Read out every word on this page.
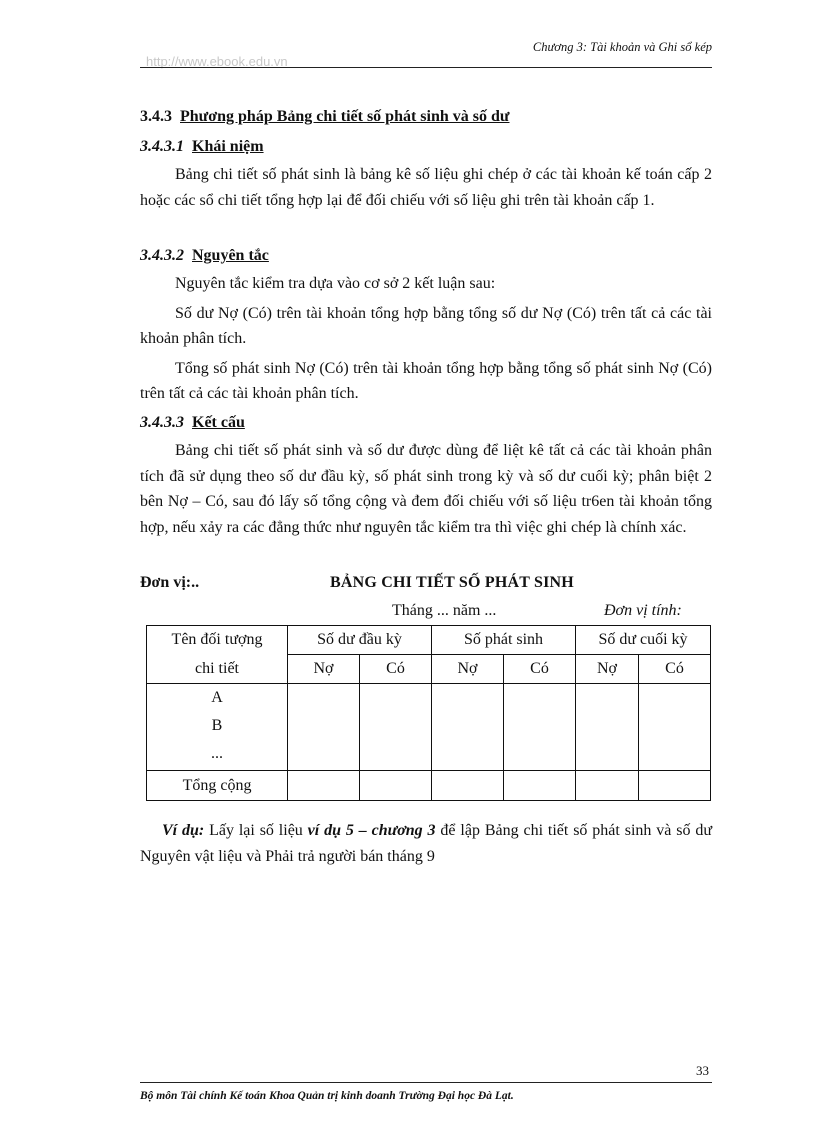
http://www.ebook.edu.vn
Chương 3: Tài khoản và Ghi sổ kép
3.4.3 Phương pháp Bảng chi tiết số phát sinh và số dư
3.4.3.1 Khái niệm

Bảng chi tiết số phát sinh là bảng kê số liệu ghi chép ở các tài khoản kế toán cấp 2 hoặc các sổ chi tiết tổng hợp lại để đối chiếu với số liệu ghi trên tài khoản cấp 1.

3.4.3.2 Nguyên tắc

Nguyên tắc kiểm tra dựa vào cơ sở 2 kết luận sau:

Số dư Nợ (Có) trên tài khoản tổng hợp bằng tổng số dư Nợ (Có) trên tất cả các tài khoản phân tích.

Tổng số phát sinh Nợ (Có) trên tài khoản tổng hợp bằng tổng số phát sinh Nợ (Có) trên tất cả các tài khoản phân tích.

3.4.3.3 Kết cấu

Bảng chi tiết số phát sinh và số dư được dùng để liệt kê tất cả các tài khoản phân tích đã sử dụng theo số dư đầu kỳ, số phát sinh trong kỳ và số dư cuối kỳ; phân biệt 2 bên Nợ – Có, sau đó lấy số tổng cộng và đem đối chiếu với số liệu tr6en tài khoản tổng hợp, nếu xảy ra các đẳng thức như nguyên tắc kiểm tra thì việc ghi chép là chính xác.

Đơn vị:..	BẢNG CHI TIẾT SỐ PHÁT SINH
Tháng ... năm ...	Đơn vị tính:
Tên đối tượng	Số dư đầu kỳ		Số phát sinh		Số dư cuối kỳ	
chi tiết	Nợ	Có	Nợ	Có	Nợ	Có

A
B
...						

Tổng cộng						

Ví dụ: Lấy lại số liệu ví dụ 5 – chương 3 để lập Bảng chi tiết số phát sinh và số dư Nguyên vật liệu và Phải trả người bán tháng 9

33
Bộ môn Tài chính Kế toán Khoa Quản trị kinh doanh Trường Đại học Đà Lạt.
